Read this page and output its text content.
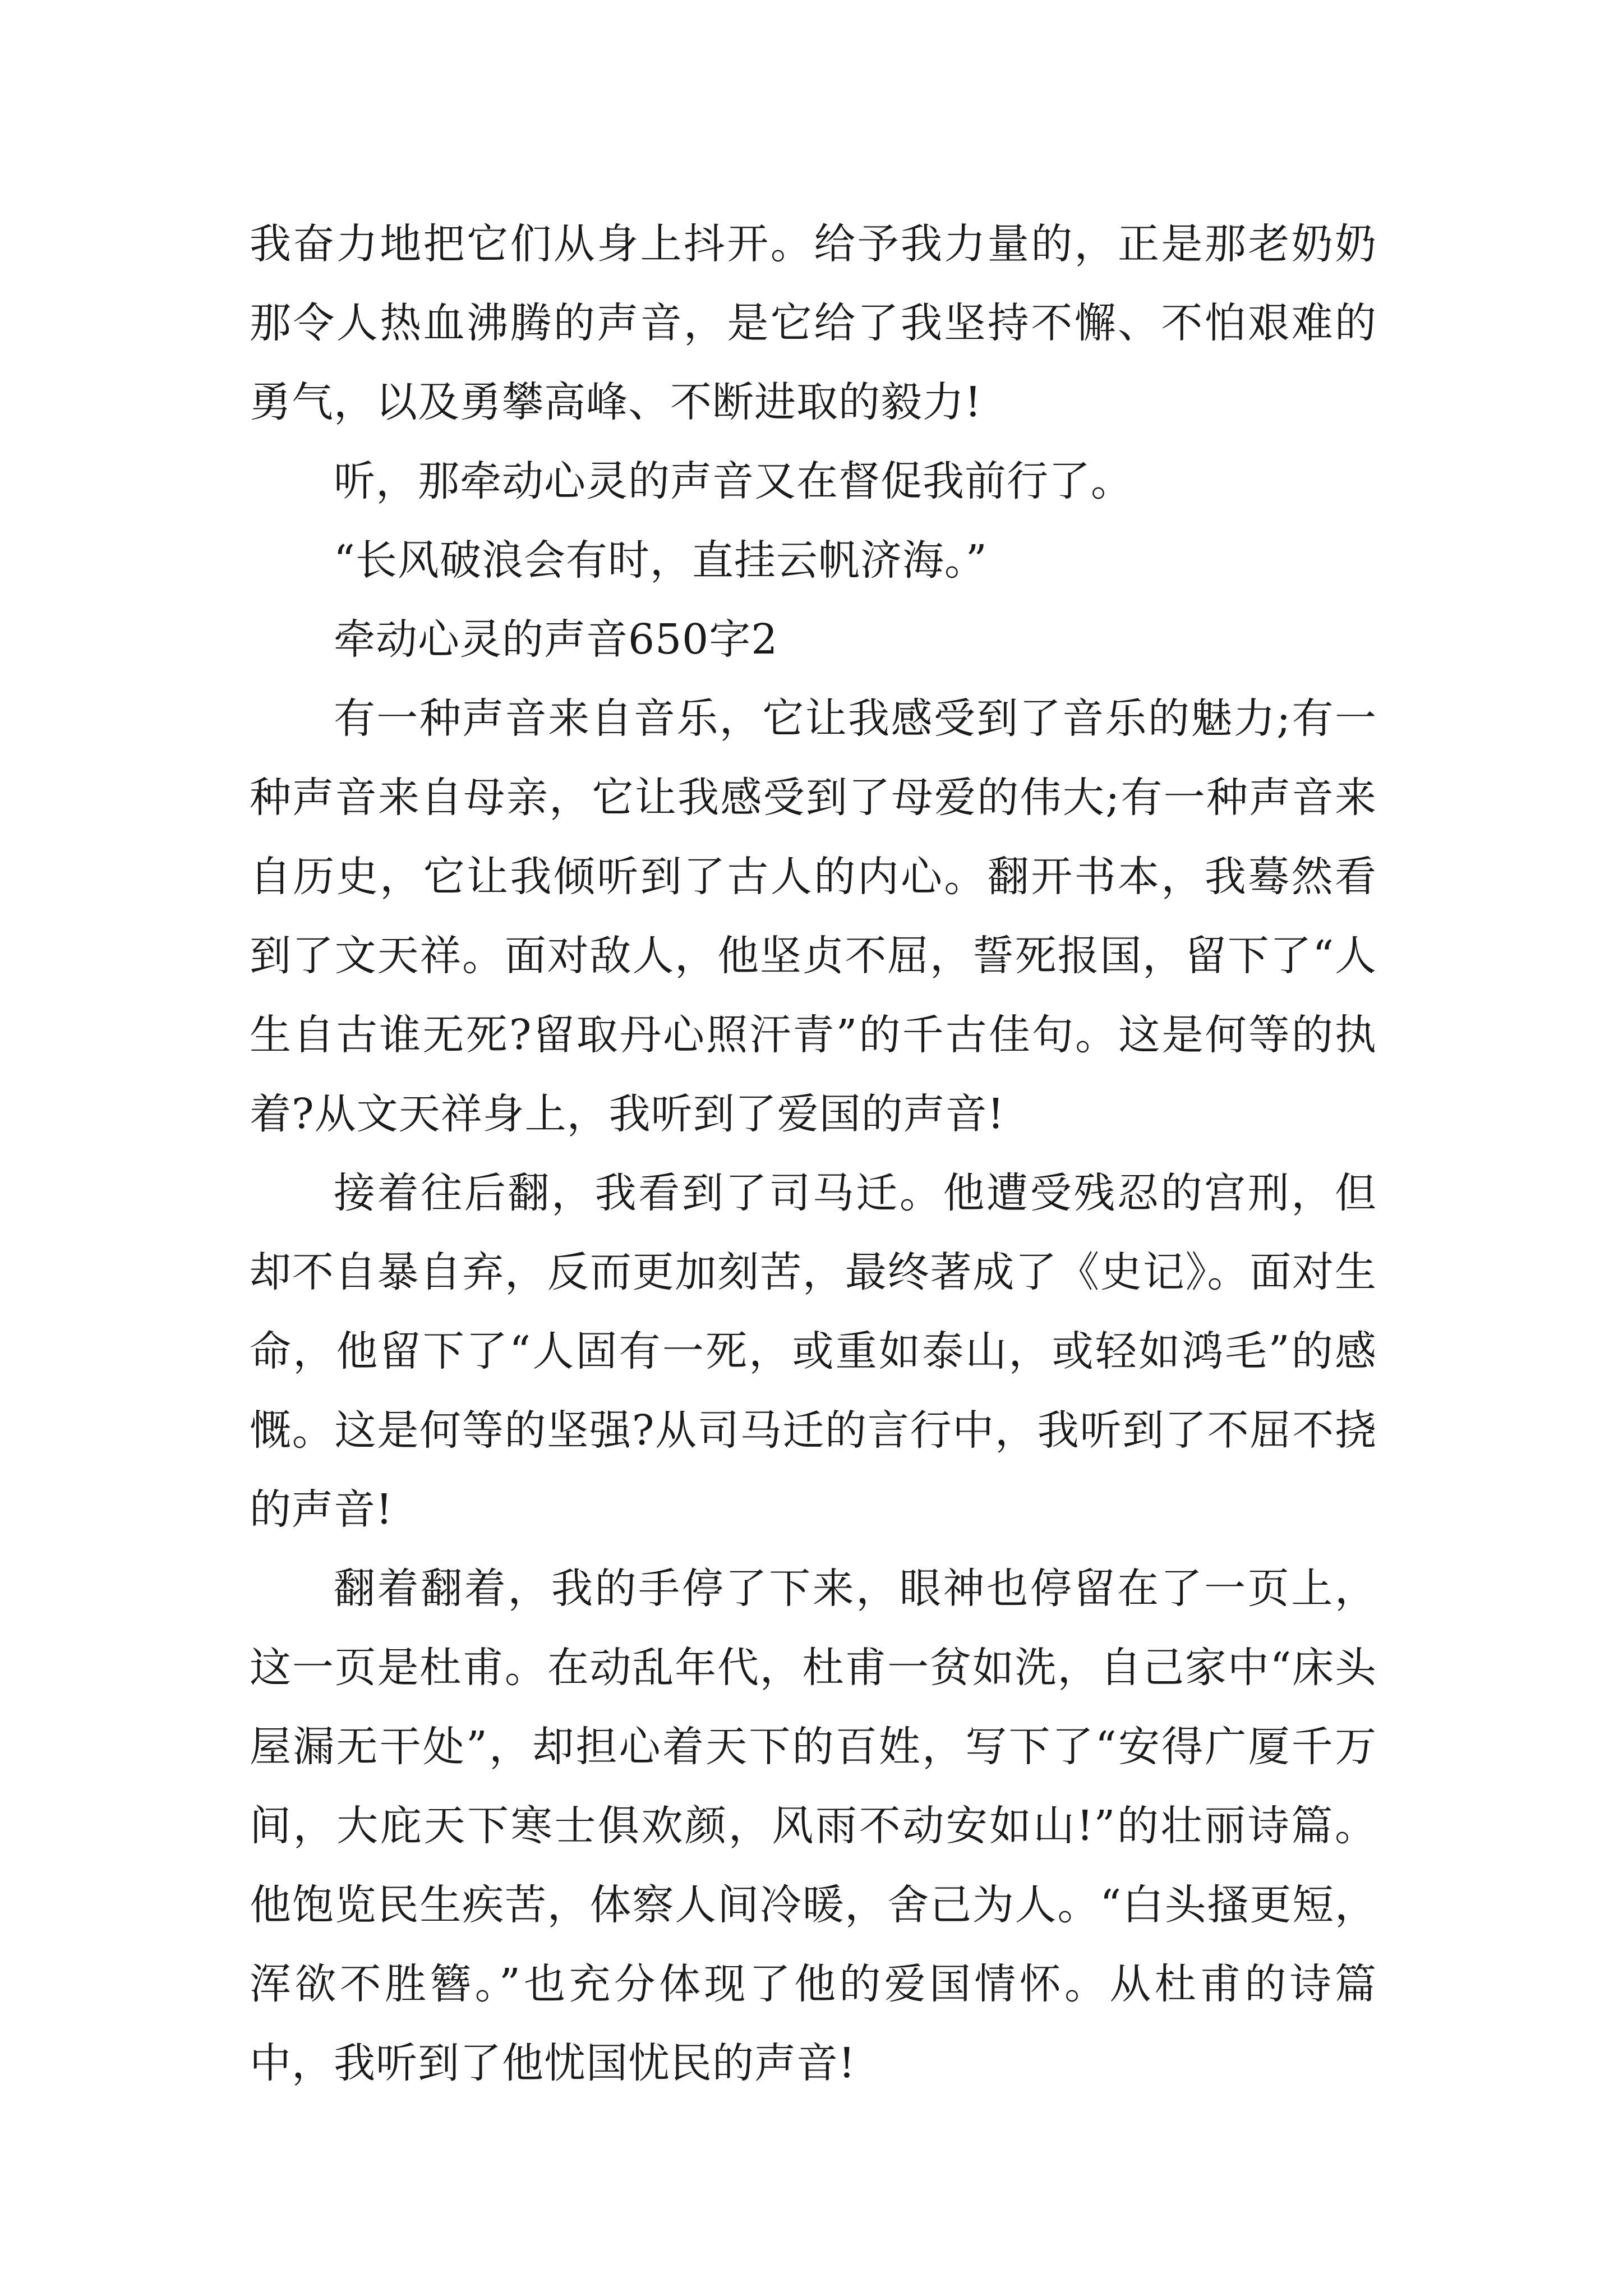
我奋力地把它们从身上抖开。给予我力量的，正是那老奶奶那令人热血沸腾的声音，是它给了我坚持不懈、不怕艰难的勇气，以及勇攀高峰、不断进取的毅力!

听，那牵动心灵的声音又在督促我前行了。

“长风破浪会有时，直挂云帆济海。”

牵动心灵的声音650字2

有一种声音来自音乐，它让我感受到了音乐的魅力;有一种声音来自母亲，它让我感受到了母爱的伟大;有一种声音来自历史，它让我倾听到了古人的内心。翻开书本，我蓦然看到了文天祥。面对敌人，他坚贞不屈，誓死报国，留下了“人生自古谁无死?留取丹心照汗青”的千古佳句。这是何等的执着?从文天祥身上，我听到了爱国的声音!

接着往后翻，我看到了司马迁。他遭受残忍的宫刑，但却不自暴自弃，反而更加刻苦，最终著成了《史记》。面对生命，他留下了“人固有一死，或重如泰山，或轻如鸿毛”的感慨。这是何等的坚强?从司马迁的言行中，我听到了不屈不挠的声音!

翻着翻着，我的手停了下来，眼神也停留在了一页上，这一页是杜甫。在动乱年代，杜甫一贫如洗，自己家中“床头屋漏无干处”，却担心着天下的百姓，写下了“安得广厦千万间，大庇天下寒士俱欢颜，风雨不动安如山!”的壮丽诗篇。他饱览民生疾苦，体察人间冷暖，舍己为人。“白头搔更短，浑欲不胜簪。”也充分体现了他的爱国情怀。从杜甫的诗篇中，我听到了他忧国忧民的声音!
